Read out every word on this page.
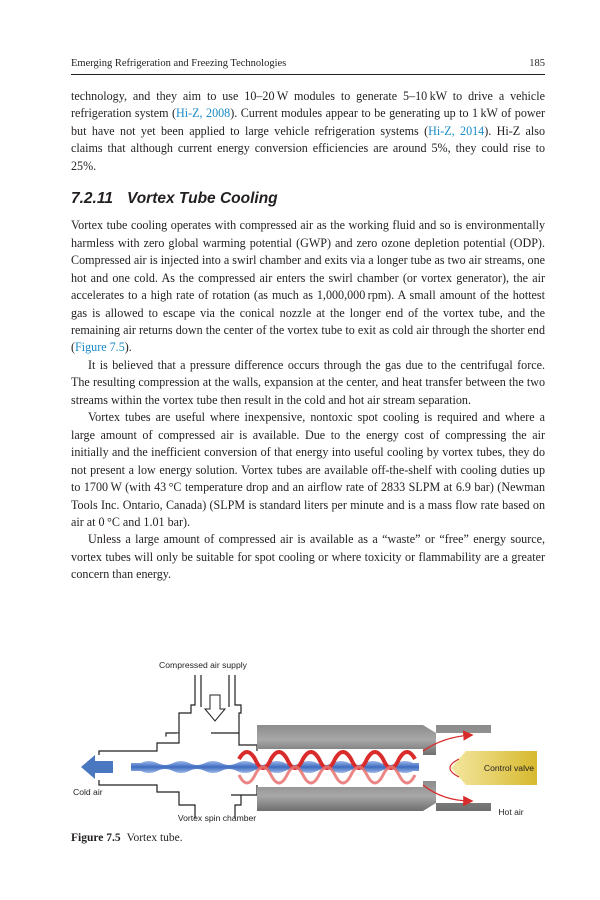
Emerging Refrigeration and Freezing Technologies	185

technology, and they aim to use 10–20 W modules to generate 5–10 kW to drive a vehicle refrigeration system (Hi-Z, 2008). Current modules appear to be generating up to 1 kW of power but have not yet been applied to large vehicle refrigeration systems (Hi-Z, 2014). Hi-Z also claims that although current energy conversion efficiencies are around 5%, they could rise to 25%.

7.2.11 Vortex Tube Cooling

Vortex tube cooling operates with compressed air as the working fluid and so is environmentally harmless with zero global warming potential (GWP) and zero ozone depletion potential (ODP). Compressed air is injected into a swirl chamber and exits via a longer tube as two air streams, one hot and one cold. As the compressed air enters the swirl chamber (or vortex generator), the air accelerates to a high rate of rotation (as much as 1,000,000 rpm). A small amount of the hottest gas is allowed to escape via the conical nozzle at the longer end of the vortex tube, and the remaining air returns down the center of the vortex tube to exit as cold air through the shorter end (Figure 7.5).

It is believed that a pressure difference occurs through the gas due to the centrifugal force. The resulting compression at the walls, expansion at the center, and heat transfer between the two streams within the vortex tube then result in the cold and hot air stream separation.

Vortex tubes are useful where inexpensive, nontoxic spot cooling is required and where a large amount of compressed air is available. Due to the energy cost of compressing the air initially and the inefficient conversion of that energy into useful cooling by vortex tubes, they do not present a low energy solution. Vortex tubes are available off-the-shelf with cooling duties up to 1700 W (with 43 °C temperature drop and an airflow rate of 2833 SLPM at 6.9 bar) (Newman Tools Inc. Ontario, Canada) (SLPM is standard liters per minute and is a mass flow rate based on air at 0 °C and 1.01 bar).

Unless a large amount of compressed air is available as a “waste” or “free” energy source, vortex tubes will only be suitable for spot cooling or where toxicity or flammability are a greater concern than energy.

Compressed air supply
Control valve
Cold air
Vortex spin chamber
Hot air
Figure 7.5 Vortex tube.
